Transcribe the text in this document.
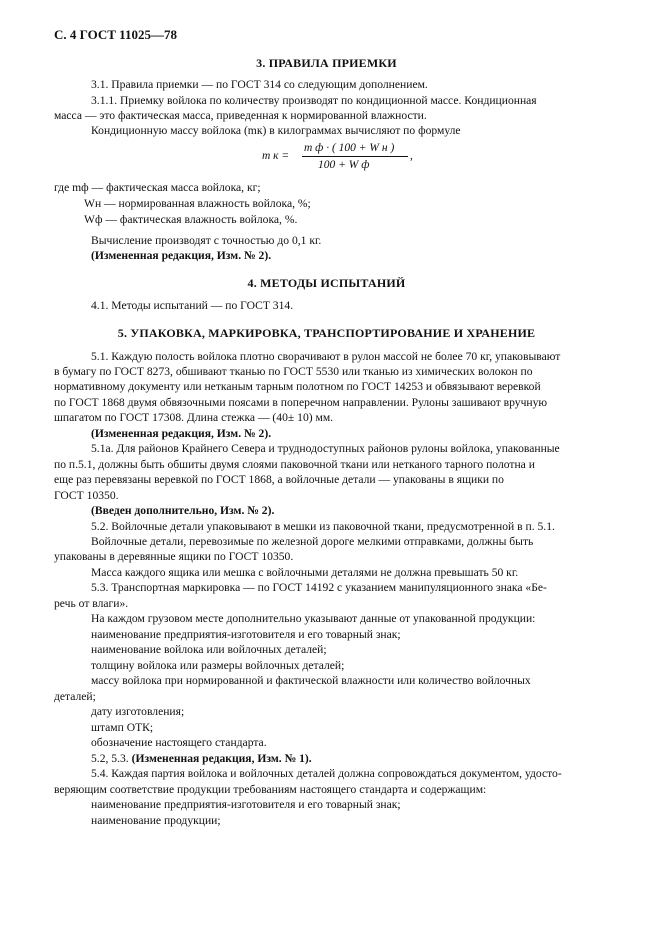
С. 4 ГОСТ 11025—78
3. ПРАВИЛА ПРИЕМКИ
3.1. Правила приемки — по ГОСТ 314 со следующим дополнением.
3.1.1. Приемку войлока по количеству производят по кондиционной массе. Кондиционная
масса — это фактическая масса, приведенная к нормированной влажности.
Кондиционную массу войлока (mк) в килограммах вычисляют по формуле
m к =
m ф · ( 100 + W н )
100 + W ф
,
где mф — фактическая масса войлока, кг;
Wн — нормированная влажность войлока, %;
Wф — фактическая влажность войлока, %.
Вычисление производят с точностью до 0,1 кг.
(Измененная редакция, Изм. № 2).
4. МЕТОДЫ ИСПЫТАНИЙ
4.1. Методы испытаний — по ГОСТ 314.
5. УПАКОВКА, МАРКИРОВКА, ТРАНСПОРТИРОВАНИЕ И ХРАНЕНИЕ
5.1. Каждую полость войлока плотно сворачивают в рулон массой не более 70 кг, упаковывают
в бумагу по ГОСТ 8273, обшивают тканью по ГОСТ 5530 или тканью из химических волокон по
нормативному документу или нетканым тарным полотном по ГОСТ 14253 и обвязывают веревкой
по ГОСТ 1868 двумя обвязочными поясами в поперечном направлении. Рулоны зашивают вручную
шпагатом по ГОСТ 17308. Длина стежка — (40± 10) мм.
(Измененная редакция, Изм. № 2).
5.1а. Для районов Крайнего Севера и труднодоступных районов рулоны войлока, упакованные
по п.5.1, должны быть обшиты двумя слоями паковочной ткани или нетканого тарного полотна и
еще раз перевязаны веревкой по ГОСТ 1868, а войлочные детали — упакованы в ящики по
ГОСТ 10350.
(Введен дополнительно, Изм. № 2).
5.2. Войлочные детали упаковывают в мешки из паковочной ткани, предусмотренной в п. 5.1.
Войлочные детали, перевозимые по железной дороге мелкими отправками, должны быть
упакованы в деревянные ящики по ГОСТ 10350.
Масса каждого ящика или мешка с войлочными деталями не должна превышать 50 кг.
5.3. Транспортная маркировка — по ГОСТ 14192 с указанием манипуляционного знака «Бе-
речь от влаги».
На каждом грузовом месте дополнительно указывают данные от упакованной продукции:
наименование предприятия-изготовителя и его товарный знак;
наименование войлока или войлочных деталей;
толщину войлока или размеры войлочных деталей;
массу войлока при нормированной и фактической влажности или количество войлочных
деталей;
дату изготовления;
штамп ОТК;
обозначение настоящего стандарта.
5.2, 5.3. (Измененная редакция, Изм. № 1).
5.4. Каждая партия войлока и войлочных деталей должна сопровождаться документом, удосто-
веряющим соответствие продукции требованиям настоящего стандарта и содержащим:
наименование предприятия-изготовителя и его товарный знак;
наименование продукции;
